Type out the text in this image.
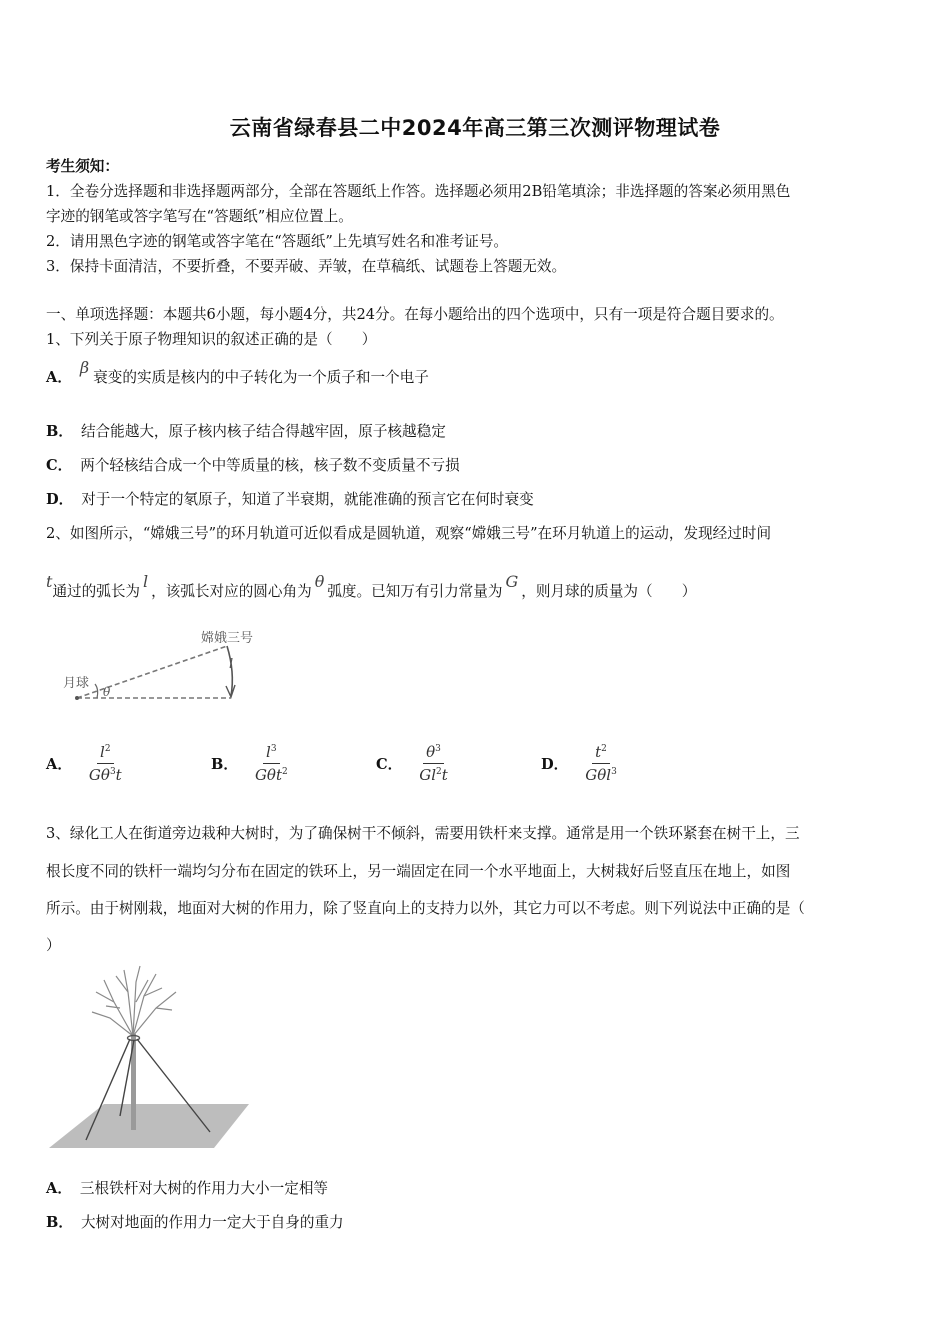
云南省绿春县二中2024年高三第三次测评物理试卷
考生须知：
1．全卷分选择题和非选择题两部分，全部在答题纸上作答。选择题必须用2B铅笔填涂；非选择题的答案必须用黑色
字迹的钢笔或答字笔写在“答题纸”相应位置上。
2．请用黑色字迹的钢笔或答字笔在“答题纸”上先填写姓名和准考证号。
3．保持卡面清洁，不要折叠，不要弄破、弄皱，在草稿纸、试题卷上答题无效。
一、单项选择题：本题共6小题，每小题4分，共24分。在每小题给出的四个选项中，只有一项是符合题目要求的。
1、下列关于原子物理知识的叙述正确的是（　　）
A．β衰变的实质是核内的中子转化为一个质子和一个电子
B． 结合能越大，原子核内核子结合得越牢固，原子核越稳定
C． 两个轻核结合成一个中等质量的核，核子数不变质量不亏损
D． 对于一个特定的氡原子，知道了半衰期，就能准确的预言它在何时衰变
2、如图所示，“嫦娥三号”的环月轨道可近似看成是圆轨道，观察“嫦娥三号”在环月轨道上的运动，发现经过时间
t通过的弧长为l，该弧长对应的圆心角为θ弧度。已知万有引力常量为G，则月球的质量为（　　）
月球
嫦娥三号
θ
l
A． $\frac{l^2}{G\theta^3t}$	B． $\frac{l^3}{G\theta t^2}$	C． $\frac{\theta^3}{Gl^2t}$	D． $\frac{t^2}{G\theta l^3}$
3、绿化工人在街道旁边栽种大树时，为了确保树干不倾斜，需要用铁杆来支撑。通常是用一个铁环紧套在树干上，三
根长度不同的铁杆一端均匀分布在固定的铁环上，另一端固定在同一个水平地面上，大树栽好后竖直压在地上，如图
所示。由于树刚栽，地面对大树的作用力，除了竖直向上的支持力以外，其它力可以不考虑。则下列说法中正确的是（
）
A． 三根铁杆对大树的作用力大小一定相等
B． 大树对地面的作用力一定大于自身的重力
